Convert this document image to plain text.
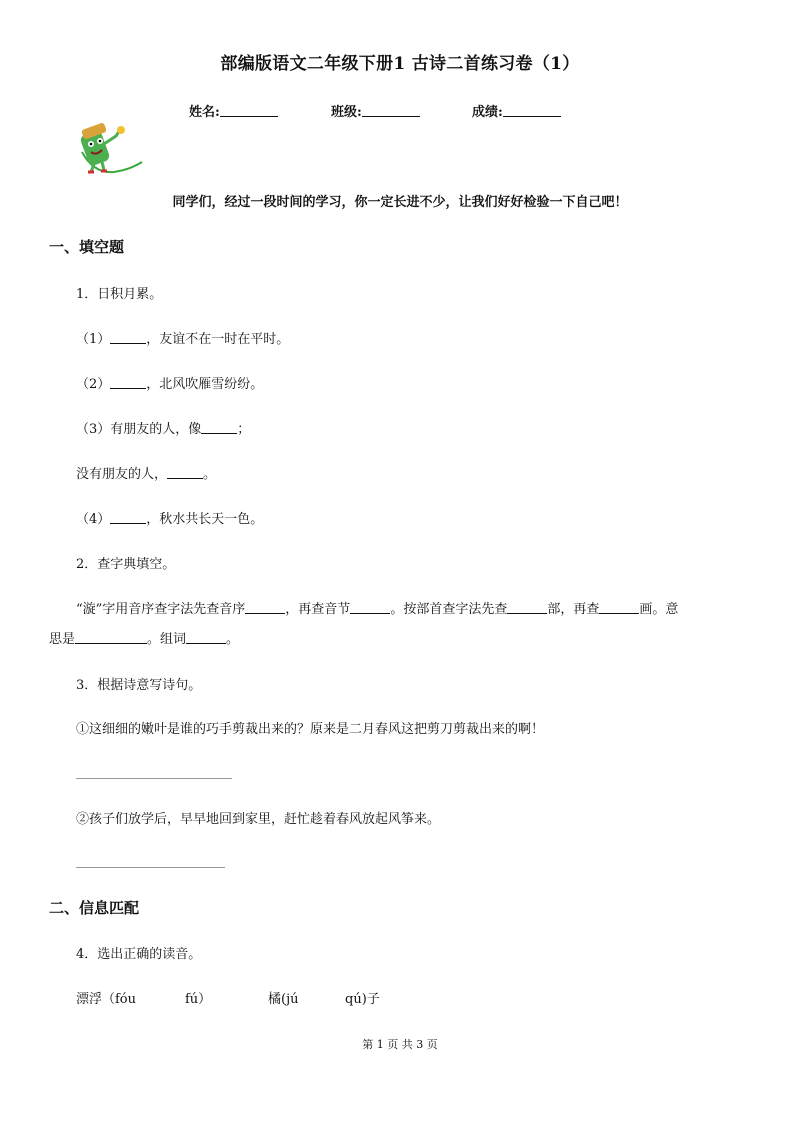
部编版语文二年级下册1 古诗二首练习卷（1）
姓名:	班级:	成绩:
同学们，经过一段时间的学习，你一定长进不少，让我们好好检验一下自己吧！
一、填空题
1．日积月累。
（1）	，友谊不在一时在平时。
（2）	，北风吹雁雪纷纷。
（3）有朋友的人，像	；
没有朋友的人，	。
（4）	，秋水共长天一色。
2．查字典填空。
“漩”字用音序查字法先查音序	，再查音节	。按部首查字法先查	部，再查	画。意
思是	。组词	。
3．根据诗意写诗句。
①这细细的嫩叶是谁的巧手剪裁出来的？原来是二月春风这把剪刀剪裁出来的啊！
②孩子们放学后，早早地回到家里，赶忙趁着春风放起风筝来。
二、信息匹配
4．选出正确的读音。
漂浮（fóu	fú）	橘(jú	qú)子
第 1 页 共 3 页
